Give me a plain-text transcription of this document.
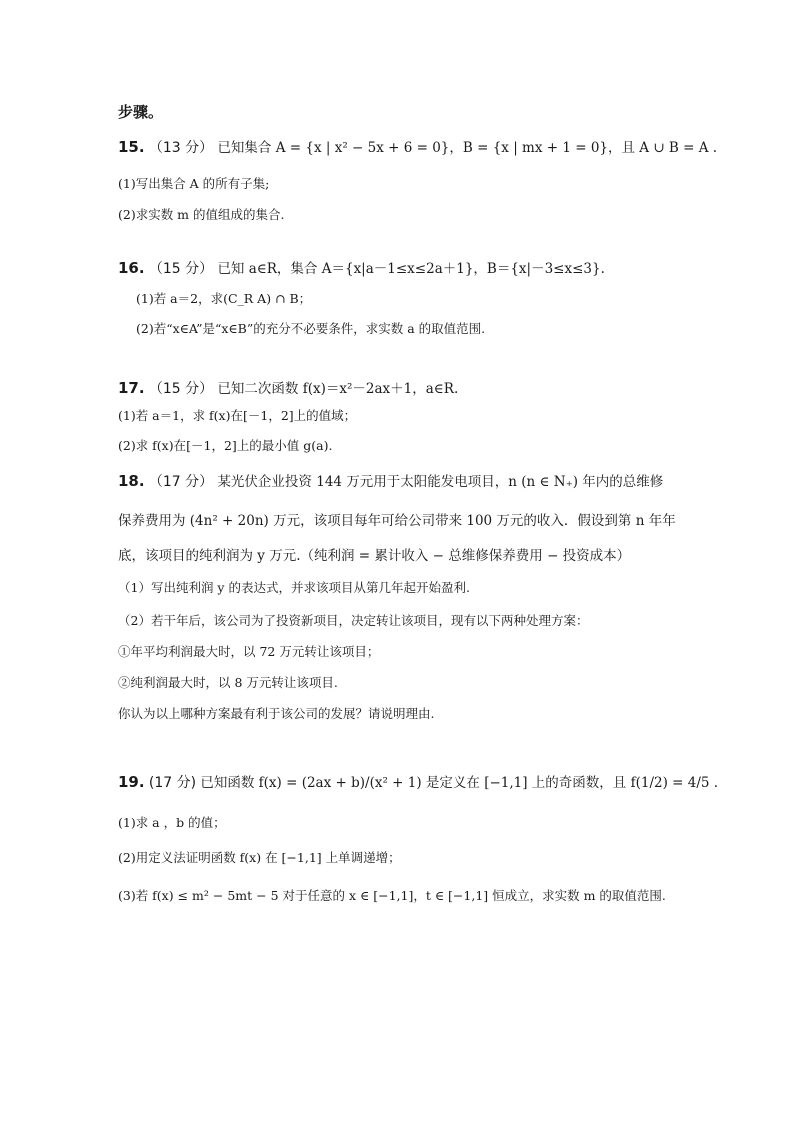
步骤。
15. （13 分） 已知集合 A = {x | x² − 5x + 6 = 0}，B = {x | mx + 1 = 0}，且 A ∪ B = A .
(1)写出集合 A 的所有子集;
(2)求实数 m 的值组成的集合.
16. （15 分） 已知 a∈R，集合 A＝{x|a－1≤x≤2a＋1}，B＝{x|－3≤x≤3}.
(1)若 a＝2，求(C_R A) ∩ B；
(2)若“x∈A”是“x∈B”的充分不必要条件，求实数 a 的取值范围.
17. （15 分） 已知二次函数 f(x)＝x²－2ax＋1，a∈R.
(1)若 a＝1，求 f(x)在[－1，2]上的值域；
(2)求 f(x)在[－1，2]上的最小值 g(a).
18. （17 分） 某光伏企业投资 144 万元用于太阳能发电项目，n (n ∈ N₊) 年内的总维修
保养费用为 (4n² + 20n) 万元，该项目每年可给公司带来 100 万元的收入．假设到第 n 年年
底，该项目的纯利润为 y 万元.（纯利润 = 累计收入 − 总维修保养费用 − 投资成本）
（1）写出纯利润 y 的表达式，并求该项目从第几年起开始盈利.
（2）若干年后，该公司为了投资新项目，决定转让该项目，现有以下两种处理方案：
①年平均利润最大时，以 72 万元转让该项目；
②纯利润最大时，以 8 万元转让该项目.
你认为以上哪种方案最有利于该公司的发展？请说明理由.
19. (17 分) 已知函数 f(x) = (2ax + b)/(x² + 1) 是定义在 [−1,1] 上的奇函数，且 f(1/2) = 4/5 .
(1)求 a ，b 的值；
(2)用定义法证明函数 f(x) 在 [−1,1] 上单调递增；
(3)若 f(x) ≤ m² − 5mt − 5 对于任意的 x ∈ [−1,1]，t ∈ [−1,1] 恒成立，求实数 m 的取值范围.
